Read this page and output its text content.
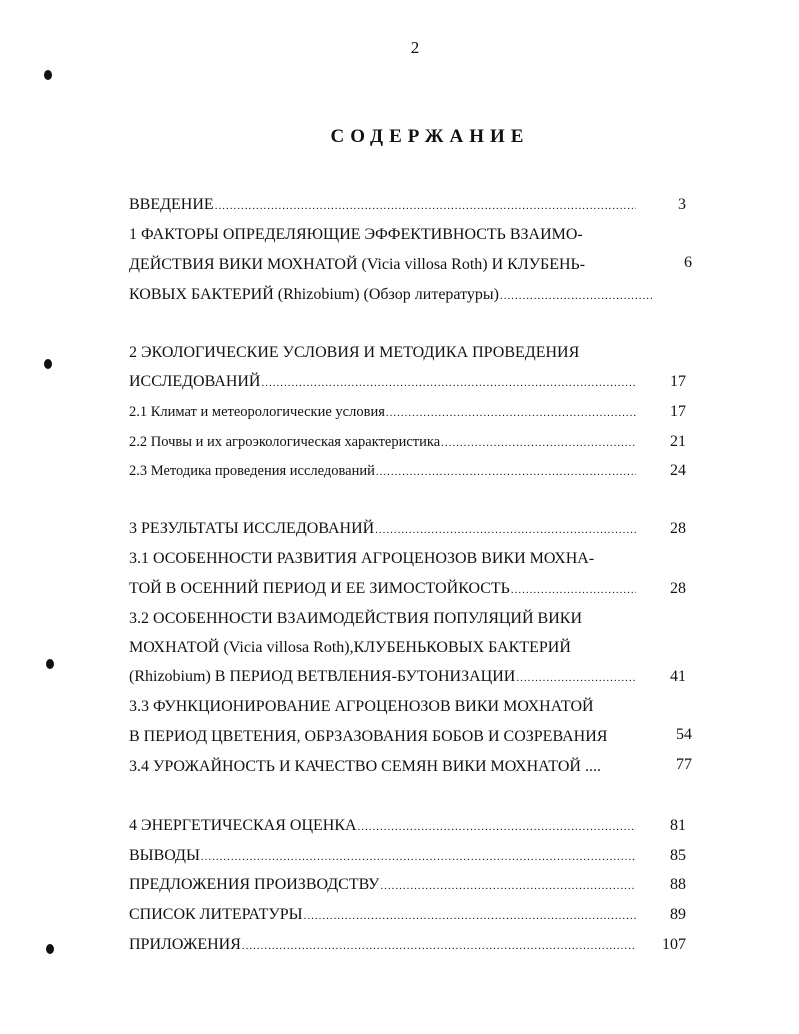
2
СОДЕРЖАНИЕ
ВВЕДЕНИЕ .....	3
1 ФАКТОРЫ ОПРЕДЕЛЯЮЩИЕ ЭФФЕКТИВНОСТЬ ВЗАИМО-
ДЕЙСТВИЯ ВИКИ МОХНАТОЙ (Vicia villosa Roth) И КЛУБЕНЬ-	6
КОВЫХ БАКТЕРИЙ (Rhizobium) (Обзор литературы)
.....
2 ЭКОЛОГИЧЕСКИЕ УСЛОВИЯ И МЕТОДИКА ПРОВЕДЕНИЯ
ИССЛЕДОВАНИЙ .....	17
2.1 Климат и метеорологические условия .....	17
2.2 Почвы и их агроэкологическая характеристика .....	21
2.3 Методика проведения исследований .....	24
3 РЕЗУЛЬТАТЫ ИССЛЕДОВАНИЙ .....	28
3.1 ОСОБЕННОСТИ РАЗВИТИЯ АГРОЦЕНОЗОВ ВИКИ МОХНА-
ТОЙ В ОСЕННИЙ ПЕРИОД И ЕЕ ЗИМОСТОЙКОСТЬ .....	28
3.2 ОСОБЕННОСТИ ВЗАИМОДЕЙСТВИЯ ПОПУЛЯЦИЙ ВИКИ
МОХНАТОЙ (Vicia villosa Roth),КЛУБЕНЬКОВЫХ БАКТЕРИЙ
(Rhizobium) В ПЕРИОД ВЕТВЛЕНИЯ-БУТОНИЗАЦИИ .....	41
3.3 ФУНКЦИОНИРОВАНИЕ АГРОЦЕНОЗОВ ВИКИ МОХНАТОЙ
В ПЕРИОД ЦВЕТЕНИЯ, ОБРЗАЗОВАНИЯ БОБОВ И СОЗРЕВАНИЯ	54
3.4 УРОЖАЙНОСТЬ И КАЧЕСТВО СЕМЯН ВИКИ МОХНАТОЙ ....	77
4 ЭНЕРГЕТИЧЕСКАЯ ОЦЕНКА .....	81
ВЫВОДЫ .....	85
ПРЕДЛОЖЕНИЯ ПРОИЗВОДСТВУ .....	88
СПИСОК ЛИТЕРАТУРЫ .....	89
ПРИЛОЖЕНИЯ .....	107
